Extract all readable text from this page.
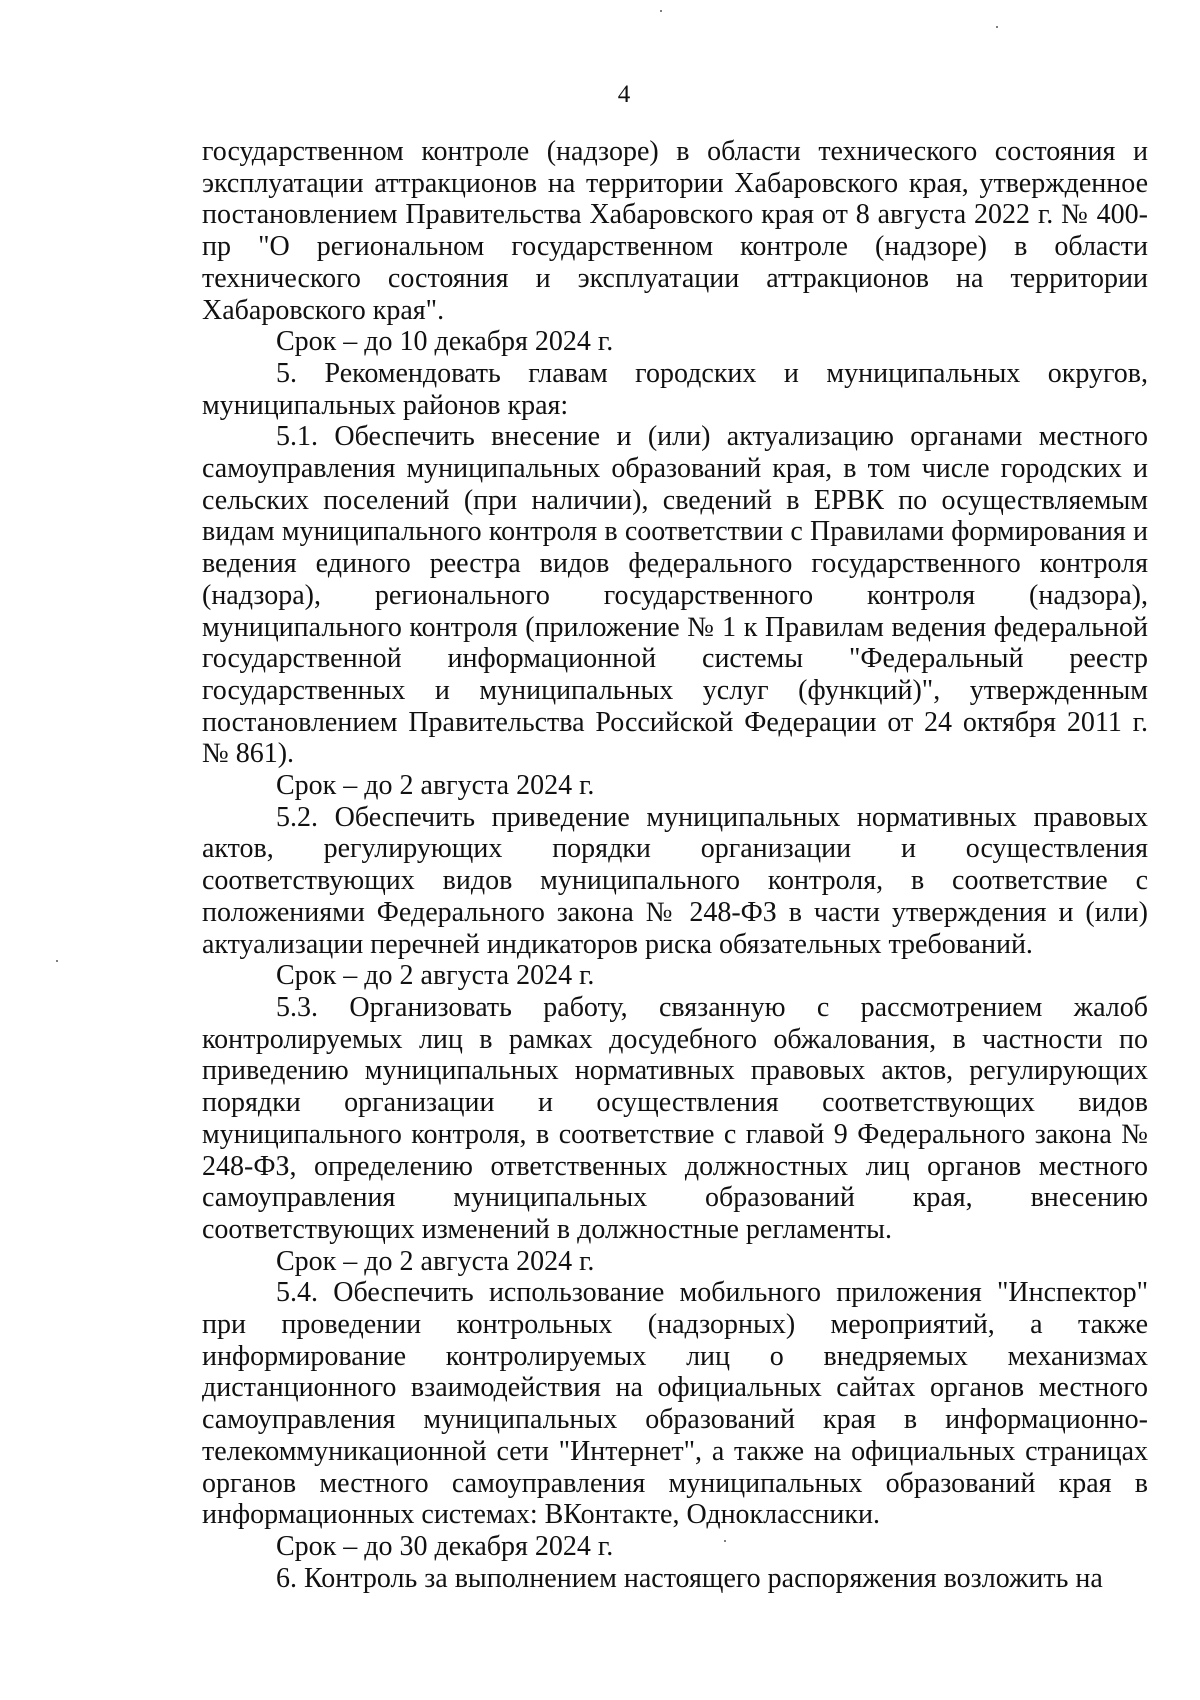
4

государственном контроле (надзоре) в области технического состояния и эксплуатации аттракционов на территории Хабаровского края, утвержденное постановлением Правительства Хабаровского края от 8 августа 2022 г. № 400-пр "О региональном государственном контроле (надзоре) в области технического состояния и эксплуатации аттракционов на территории Хабаровского края".

Срок – до 10 декабря 2024 г.

5. Рекомендовать главам городских и муниципальных округов, муниципальных районов края:

5.1. Обеспечить внесение и (или) актуализацию органами местного самоуправления муниципальных образований края, в том числе городских и сельских поселений (при наличии), сведений в ЕРВК по осуществляемым видам муниципального контроля в соответствии с Правилами формирования и ведения единого реестра видов федерального государственного контроля (надзора), регионального государственного контроля (надзора), муниципального контроля (приложение № 1 к Правилам ведения федеральной государственной информационной системы "Федеральный реестр государственных и муниципальных услуг (функций)", утвержденным постановлением Правительства Российской Федерации от 24 октября 2011 г. № 861).

Срок – до 2 августа 2024 г.

5.2. Обеспечить приведение муниципальных нормативных правовых актов, регулирующих порядки организации и осуществления соответствующих видов муниципального контроля, в соответствие с положениями Федерального закона № 248-ФЗ в части утверждения и (или) актуализации перечней индикаторов риска обязательных требований.

Срок – до 2 августа 2024 г.

5.3. Организовать работу, связанную с рассмотрением жалоб контролируемых лиц в рамках досудебного обжалования, в частности по приведению муниципальных нормативных правовых актов, регулирующих порядки организации и осуществления соответствующих видов муниципального контроля, в соответствие с главой 9 Федерального закона № 248-ФЗ, определению ответственных должностных лиц органов местного самоуправления муниципальных образований края, внесению соответствующих изменений в должностные регламенты.

Срок – до 2 августа 2024 г.

5.4. Обеспечить использование мобильного приложения "Инспектор" при проведении контрольных (надзорных) мероприятий, а также информирование контролируемых лиц о внедряемых механизмах дистанционного взаимодействия на официальных сайтах органов местного самоуправления муниципальных образований края в информационно-телекоммуникационной сети "Интернет", а также на официальных страницах органов местного самоуправления муниципальных образований края в информационных системах: ВКонтакте, Одноклассники.

Срок – до 30 декабря 2024 г.

6. Контроль за выполнением настоящего распоряжения возложить на
